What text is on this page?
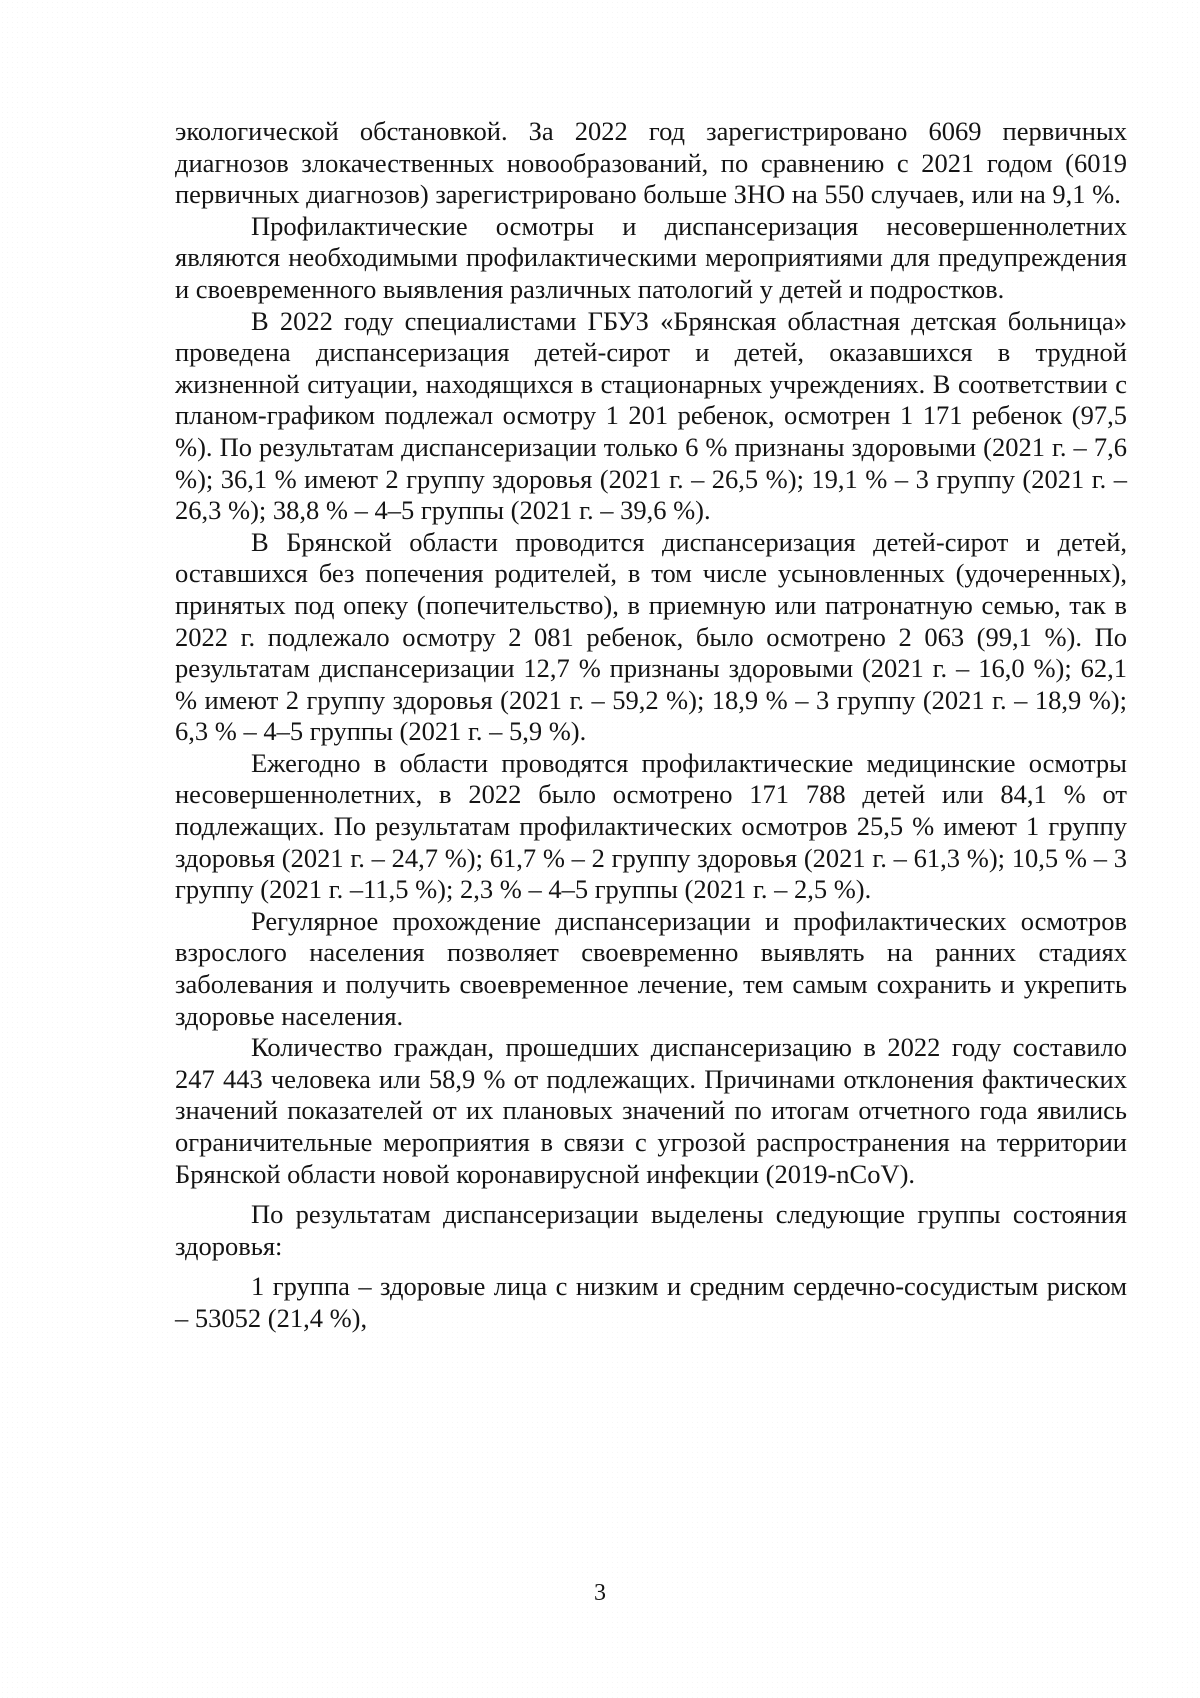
экологической обстановкой. За 2022 год зарегистрировано 6069 первичных диагнозов злокачественных новообразований, по сравнению с 2021 годом (6019 первичных диагнозов) зарегистрировано больше ЗНО на 550 случаев, или на 9,1 %.

Профилактические осмотры и диспансеризация несовершеннолетних являются необходимыми профилактическими мероприятиями для предупреждения и своевременного выявления различных патологий у детей и подростков.

В 2022 году специалистами ГБУЗ «Брянская областная детская больница» проведена диспансеризация детей-сирот и детей, оказавшихся в трудной жизненной ситуации, находящихся в стационарных учреждениях. В соответствии с планом-графиком подлежал осмотру 1 201 ребенок, осмотрен 1 171 ребенок (97,5 %). По результатам диспансеризации только 6 % признаны здоровыми (2021 г. – 7,6 %); 36,1 % имеют 2 группу здоровья (2021 г. – 26,5 %); 19,1 % – 3 группу (2021 г. – 26,3 %); 38,8 % – 4–5 группы (2021 г. – 39,6 %).

В Брянской области проводится диспансеризация детей-сирот и детей, оставшихся без попечения родителей, в том числе усыновленных (удочеренных), принятых под опеку (попечительство), в приемную или патронатную семью, так в 2022 г. подлежало осмотру 2 081 ребенок, было осмотрено 2 063 (99,1 %). По результатам диспансеризации 12,7 % признаны здоровыми (2021 г. – 16,0 %); 62,1 % имеют 2 группу здоровья (2021 г. – 59,2 %); 18,9 % – 3 группу (2021 г. – 18,9 %); 6,3 % – 4–5 группы (2021 г. – 5,9 %).

Ежегодно в области проводятся профилактические медицинские осмотры несовершеннолетних, в 2022 было осмотрено 171 788 детей или 84,1 % от подлежащих. По результатам профилактических осмотров 25,5 % имеют 1 группу здоровья (2021 г. – 24,7 %); 61,7 % – 2 группу здоровья (2021 г. – 61,3 %); 10,5 % – 3 группу (2021 г. –11,5 %); 2,3 % – 4–5 группы (2021 г. – 2,5 %).

Регулярное прохождение диспансеризации и профилактических осмотров взрослого населения позволяет своевременно выявлять на ранних стадиях заболевания и получить своевременное лечение, тем самым сохранить и укрепить здоровье населения.

Количество граждан, прошедших диспансеризацию в 2022 году составило 247 443 человека или 58,9 % от подлежащих. Причинами отклонения фактических значений показателей от их плановых значений по итогам отчетного года явились ограничительные мероприятия в связи с угрозой распространения на территории Брянской области новой коронавирусной инфекции (2019-nCoV).

По результатам диспансеризации выделены следующие группы состояния здоровья:

1 группа – здоровые лица с низким и средним сердечно-сосудистым риском – 53052 (21,4 %),

3
